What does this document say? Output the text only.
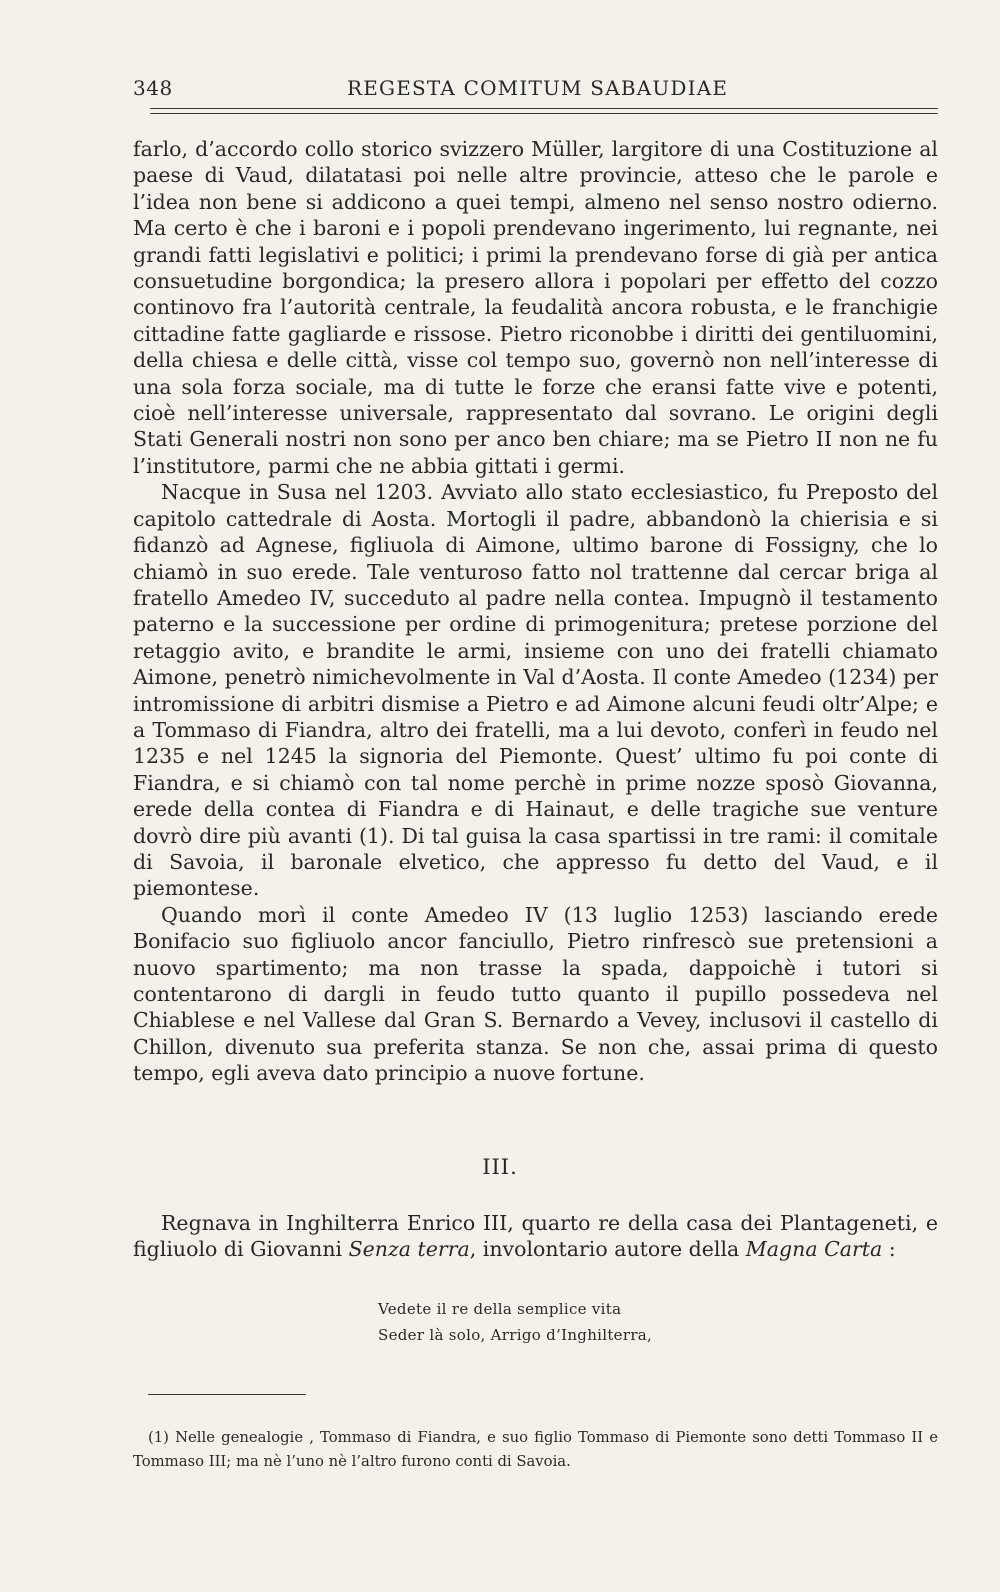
348	REGESTA COMITUM SABAUDIAE

farlo, d’accordo collo storico svizzero Müller, largitore di una Costituzione al paese di Vaud, dilatatasi poi nelle altre provincie, atteso che le parole e l’idea non bene si addicono a quei tempi, almeno nel senso nostro odierno. Ma certo è che i baroni e i popoli prendevano ingerimento, lui regnante, nei grandi fatti legislativi e politici; i primi la prendevano forse di già per antica consuetudine borgondica; la presero allora i popolari per effetto del cozzo continovo fra l’autorità centrale, la feudalità ancora robusta, e le franchigie cittadine fatte gagliarde e rissose. Pietro riconobbe i diritti dei gentiluomini, della chiesa e delle città, visse col tempo suo, governò non nell’interesse di una sola forza sociale, ma di tutte le forze che eransi fatte vive e potenti, cioè nell’interesse universale, rappresentato dal sovrano. Le origini degli Stati Generali nostri non sono per anco ben chiare; ma se Pietro II non ne fu l’institutore, parmi che ne abbia gittati i germi.

Nacque in Susa nel 1203. Avviato allo stato ecclesiastico, fu Preposto del capitolo cattedrale di Aosta. Mortogli il padre, abbandonò la chierisia e si fidanzò ad Agnese, figliuola di Aimone, ultimo barone di Fossigny, che lo chiamò in suo erede. Tale venturoso fatto nol trattenne dal cercar briga al fratello Amedeo IV, succeduto al padre nella contea. Impugnò il testamento paterno e la successione per ordine di primogenitura; pretese porzione del retaggio avito, e brandite le armi, insieme con uno dei fratelli chiamato Aimone, penetrò nimichevolmente in Val d’Aosta. Il conte Amedeo (1234) per intromissione di arbitri dismise a Pietro e ad Aimone alcuni feudi oltr’Alpe; e a Tommaso di Fiandra, altro dei fratelli, ma a lui devoto, conferì in feudo nel 1235 e nel 1245 la signoria del Piemonte. Quest’ ultimo fu poi conte di Fiandra, e si chiamò con tal nome perchè in prime nozze sposò Giovanna, erede della contea di Fiandra e di Hainaut, e delle tragiche sue venture dovrò dire più avanti (1). Di tal guisa la casa spartissi in tre rami: il comitale di Savoia, il baronale elvetico, che appresso fu detto del Vaud, e il piemontese.

Quando morì il conte Amedeo IV (13 luglio 1253) lasciando erede Bonifacio suo figliuolo ancor fanciullo, Pietro rinfrescò sue pretensioni a nuovo spartimento; ma non trasse la spada, dappoichè i tutori si contentarono di dargli in feudo tutto quanto il pupillo possedeva nel Chiablese e nel Vallese dal Gran S. Bernardo a Vevey, inclusovi il castello di Chillon, divenuto sua preferita stanza. Se non che, assai prima di questo tempo, egli aveva dato principio a nuove fortune.

III.

Regnava in Inghilterra Enrico III, quarto re della casa dei Plantageneti, e figliuolo di Giovanni Senza terra, involontario autore della Magna Carta :

Vedete il re della semplice vita
Seder là solo, Arrigo d’Inghilterra,

(1) Nelle genealogie , Tommaso di Fiandra, e suo figlio Tommaso di Piemonte sono detti Tommaso II e Tommaso III; ma nè l’uno nè l’altro furono conti di Savoia.
